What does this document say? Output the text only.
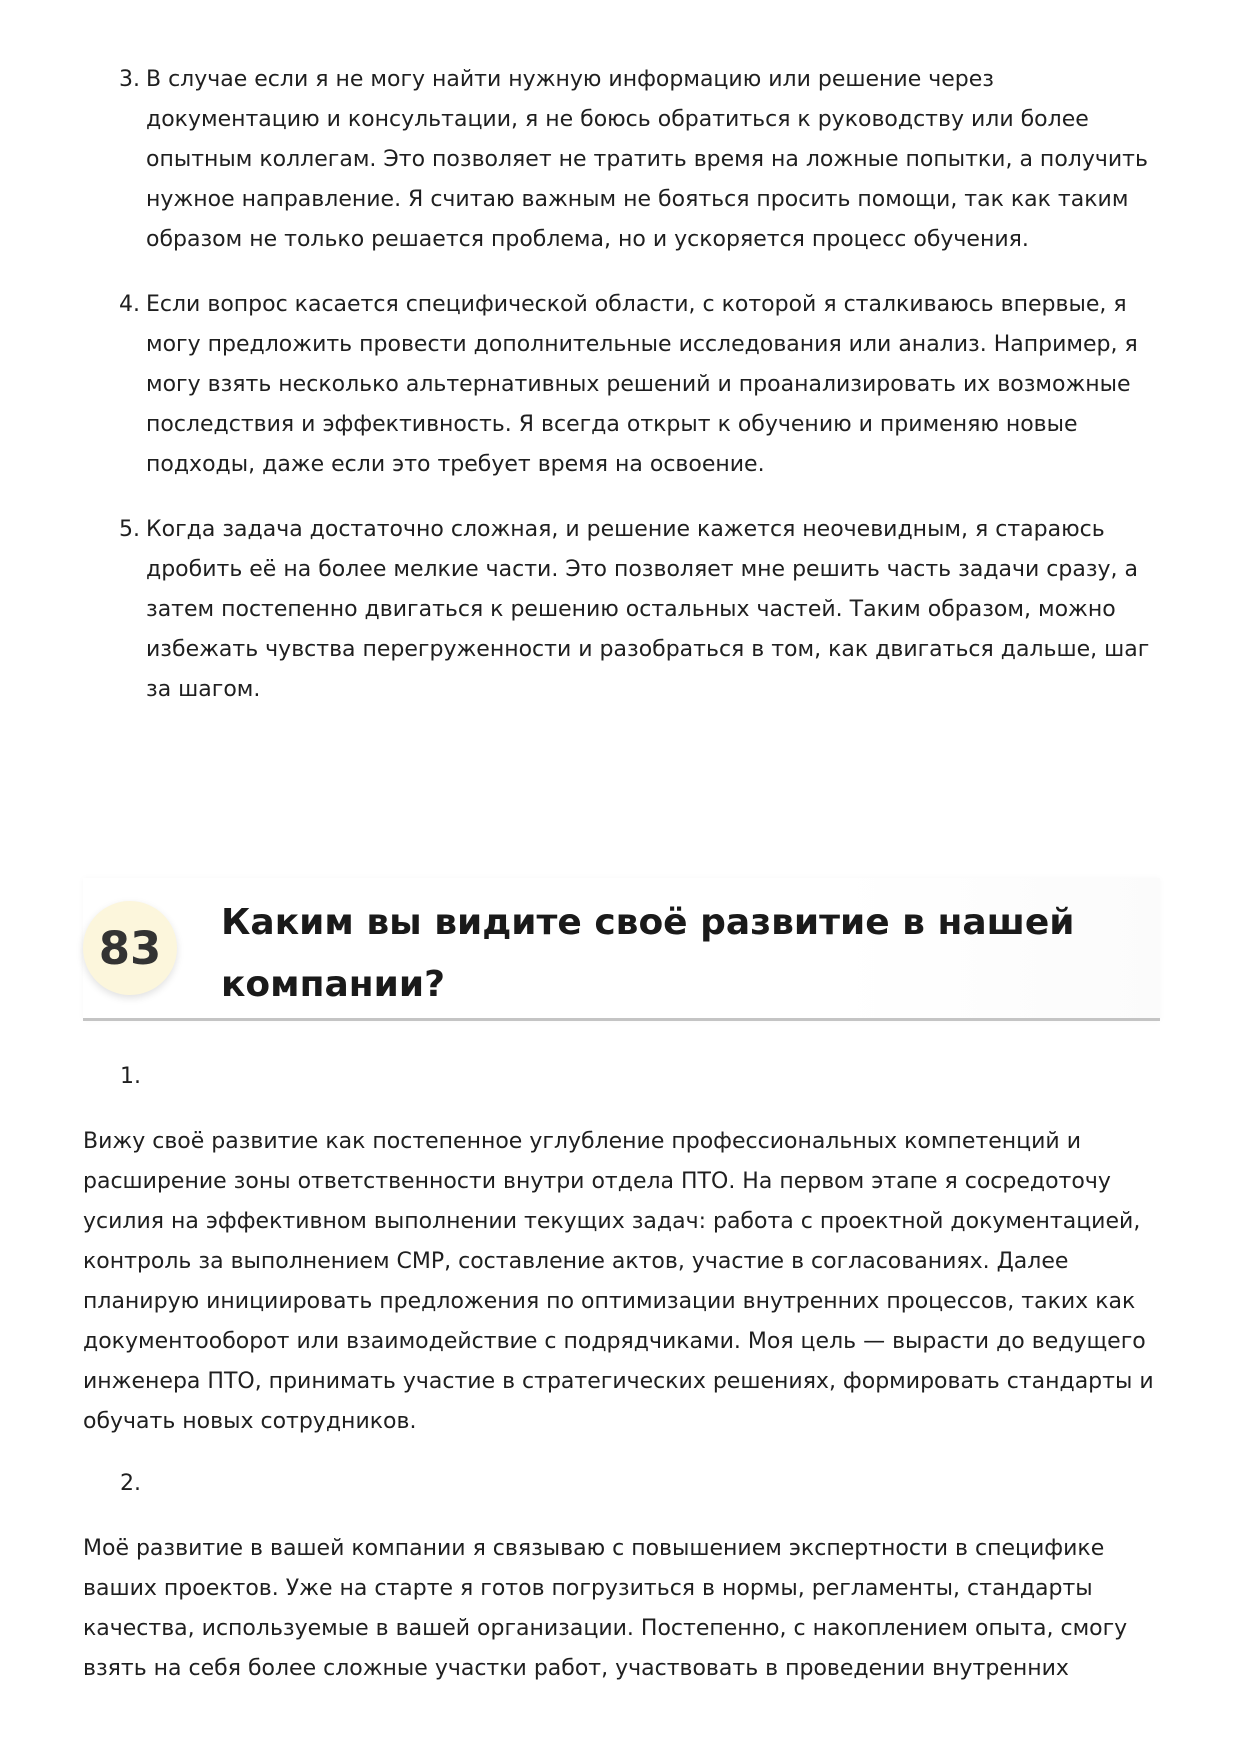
3. В случае если я не могу найти нужную информацию или решение через документацию и консультации, я не боюсь обратиться к руководству или более опытным коллегам. Это позволяет не тратить время на ложные попытки, а получить нужное направление. Я считаю важным не бояться просить помощи, так как таким образом не только решается проблема, но и ускоряется процесс обучения.
4. Если вопрос касается специфической области, с которой я сталкиваюсь впервые, я могу предложить провести дополнительные исследования или анализ. Например, я могу взять несколько альтернативных решений и проанализировать их возможные последствия и эффективность. Я всегда открыт к обучению и применяю новые подходы, даже если это требует время на освоение.
5. Когда задача достаточно сложная, и решение кажется неочевидным, я стараюсь дробить её на более мелкие части. Это позволяет мне решить часть задачи сразу, а затем постепенно двигаться к решению остальных частей. Таким образом, можно избежать чувства перегруженности и разобраться в том, как двигаться дальше, шаг за шагом.
83	Каким вы видите своё развитие в нашей компании?
1.

Вижу своё развитие как постепенное углубление профессиональных компетенций и расширение зоны ответственности внутри отдела ПТО. На первом этапе я сосредоточу усилия на эффективном выполнении текущих задач: работа с проектной документацией, контроль за выполнением СМР, составление актов, участие в согласованиях. Далее планирую инициировать предложения по оптимизации внутренних процессов, таких как документооборот или взаимодействие с подрядчиками. Моя цель — вырасти до ведущего инженера ПТО, принимать участие в стратегических решениях, формировать стандарты и обучать новых сотрудников.

2.

Моё развитие в вашей компании я связываю с повышением экспертности в специфике ваших проектов. Уже на старте я готов погрузиться в нормы, регламенты, стандарты качества, используемые в вашей организации. Постепенно, с накоплением опыта, смогу взять на себя более сложные участки работ, участвовать в проведении внутренних
